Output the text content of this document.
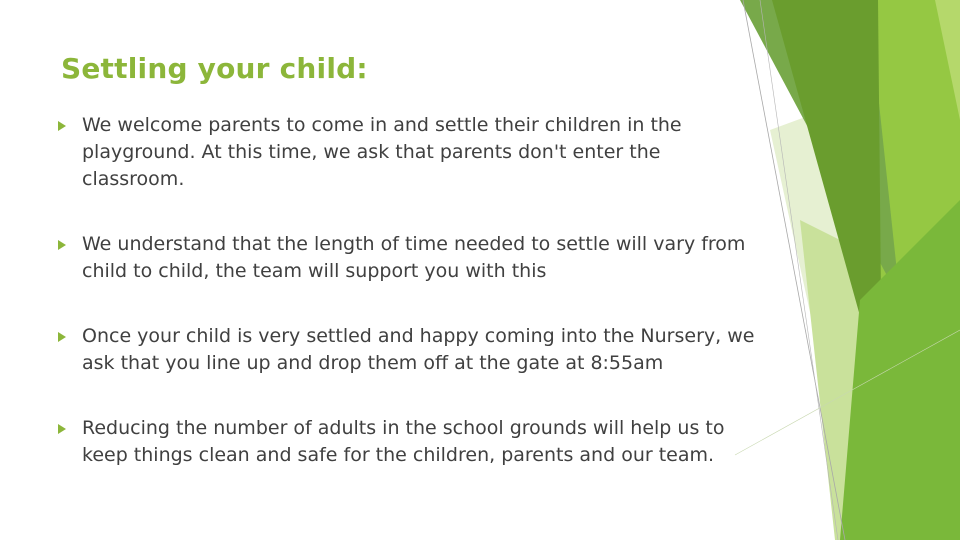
Settling your child:
We welcome parents to come in and settle their children in the playground. At this time, we ask that parents don't enter the classroom.
We understand that the length of time needed to settle will vary from child to child, the team will support you with this
Once your child is very settled and happy coming into the Nursery, we ask that you line up and drop them off at the gate at 8:55am
Reducing the number of adults in the school grounds will help us to keep things clean and safe for the children, parents and our team.
